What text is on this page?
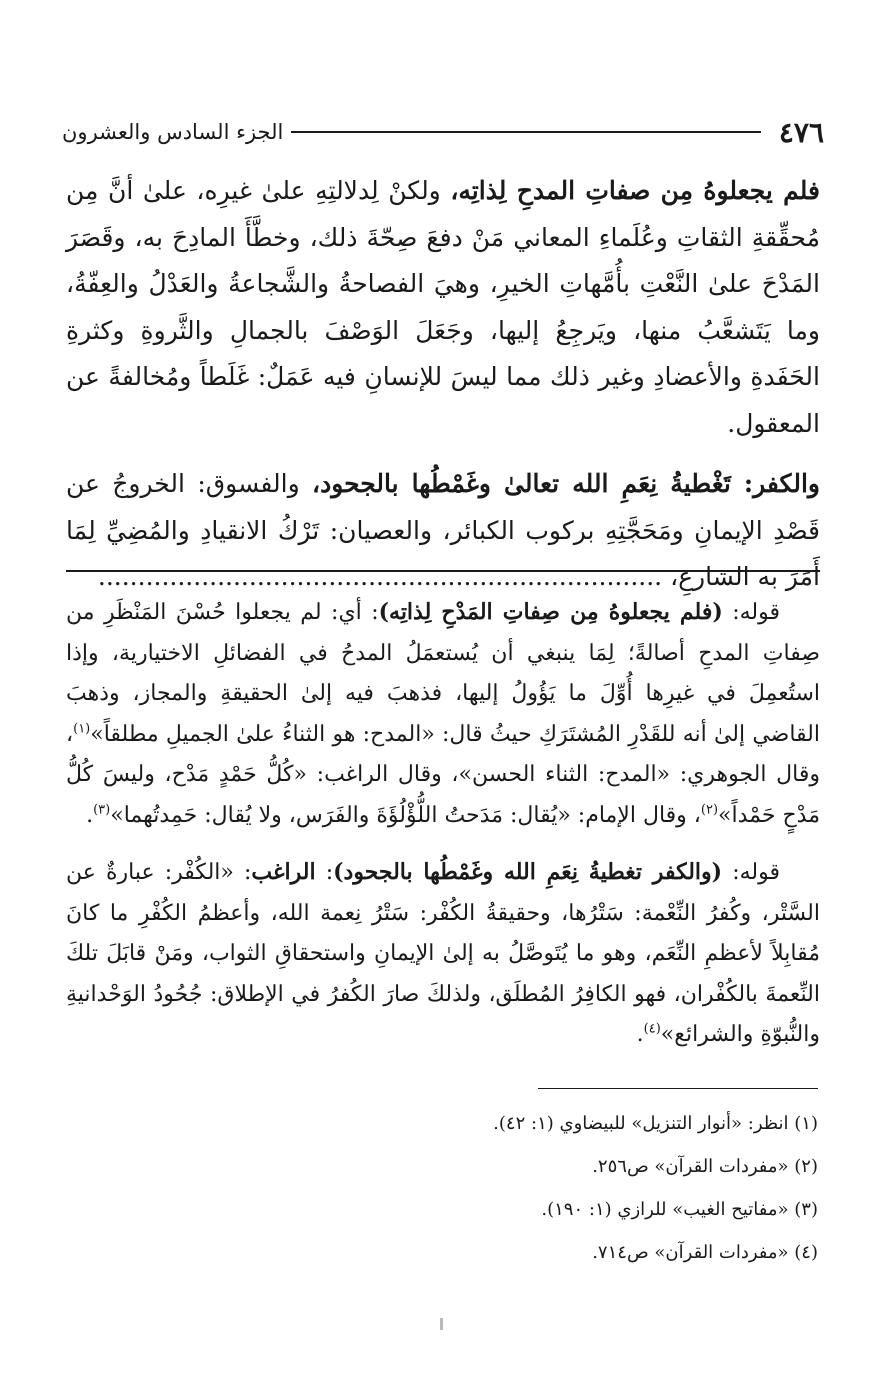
٤٧٦
الجزء السادس والعشرون

فلم يجعلوهُ مِن صفاتِ المدحِ لِذاتِه، ولكنْ لِدلالتِهِ علىٰ غيرِه، علىٰ أنَّ مِن مُحقِّقةِ الثقاتِ وعُلَماءِ المعاني مَنْ دفعَ صِحّةَ ذلك، وخطَّأَ المادِحَ به، وقَصَرَ المَدْحَ علىٰ النَّعْتِ بأُمَّهاتِ الخيرِ، وهيَ الفصاحةُ والشَّجاعةُ والعَدْلُ والعِفّةُ، وما يَتَشعَّبُ منها، ويَرجِعُ إليها، وجَعَلَ الوَصْفَ بالجمالِ والثَّروةِ وكثرةِ الحَفَدةِ والأعضادِ وغير ذلك مما ليسَ للإنسانِ فيه عَمَلٌ: غَلَطاً ومُخالفةً عن المعقول.

والكفر: تَغْطيةُ نِعَمِ الله تعالىٰ وغَمْطُها بالجحود، والفسوق: الخروجُ عن قَصْدِ الإيمانِ ومَحَجَّتِهِ بركوب الكبائر، والعصيان: تَرْكُ الانقيادِ والمُضِيِّ لِمَا أَمَرَ به الشارعِ، .......................................................................

قوله: (فلم يجعلوهُ مِن صِفاتِ المَدْحِ لِذاتِه): أي: لم يجعلوا حُسْنَ المَنْظَرِ من صِفاتِ المدحِ أصالةً؛ لِمَا ينبغي أن يُستعمَلُ المدحُ في الفضائلِ الاختيارية، وإذا استُعمِلَ في غيرِها أُوِّلَ ما يَؤُولُ إليها، فذهبَ فيه إلىٰ الحقيقةِ والمجاز، وذهبَ القاضي إلىٰ أنه للقَدْرِ المُشتَرَكِ حيثُ قال: «المدح: هو الثناءُ علىٰ الجميلِ مطلقاً»$^{(١)}$، وقال الجوهري: «المدح: الثناء الحسن»، وقال الراغب: «كُلُّ حَمْدٍ مَدْح، وليسَ كُلُّ مَدْحٍ حَمْداً»$^{(٢)}$، وقال الإمام: «يُقال: مَدَحتُ اللُّؤْلُؤَةَ والفَرَس، ولا يُقال: حَمِدتُهما»$^{(٣)}$.

قوله: (والكفر تغطيةُ نِعَمِ الله وغَمْطُها بالجحود): الراغب: «الكُفْر: عبارةٌ عن السَّتْر، وكُفرُ النِّعْمة: سَتْرُها، وحقيقةُ الكُفْر: سَتْرُ نِعمة الله، وأعظمُ الكُفْرِ ما كانَ مُقابِلاً لأعظمِ النِّعَم، وهو ما يُتَوصَّلُ به إلىٰ الإيمانِ واستحقاقِ الثواب، ومَنْ قابَلَ تلكَ النِّعمةَ بالكُفْران، فهو الكافِرُ المُطلَق، ولذلكَ صارَ الكُفرُ في الإطلاق: جُحُودُ الوَحْدانيةِ والنُّبوّةِ والشرائع»$^{(٤)}$.

(١) انظر: «أنوار التنزيل» للبيضاوي (١: ٤٢).

(٢) «مفردات القرآن» ص٢٥٦.

(٣) «مفاتيح الغيب» للرازي (١: ١٩٠).

(٤) «مفردات القرآن» ص٧١٤.
